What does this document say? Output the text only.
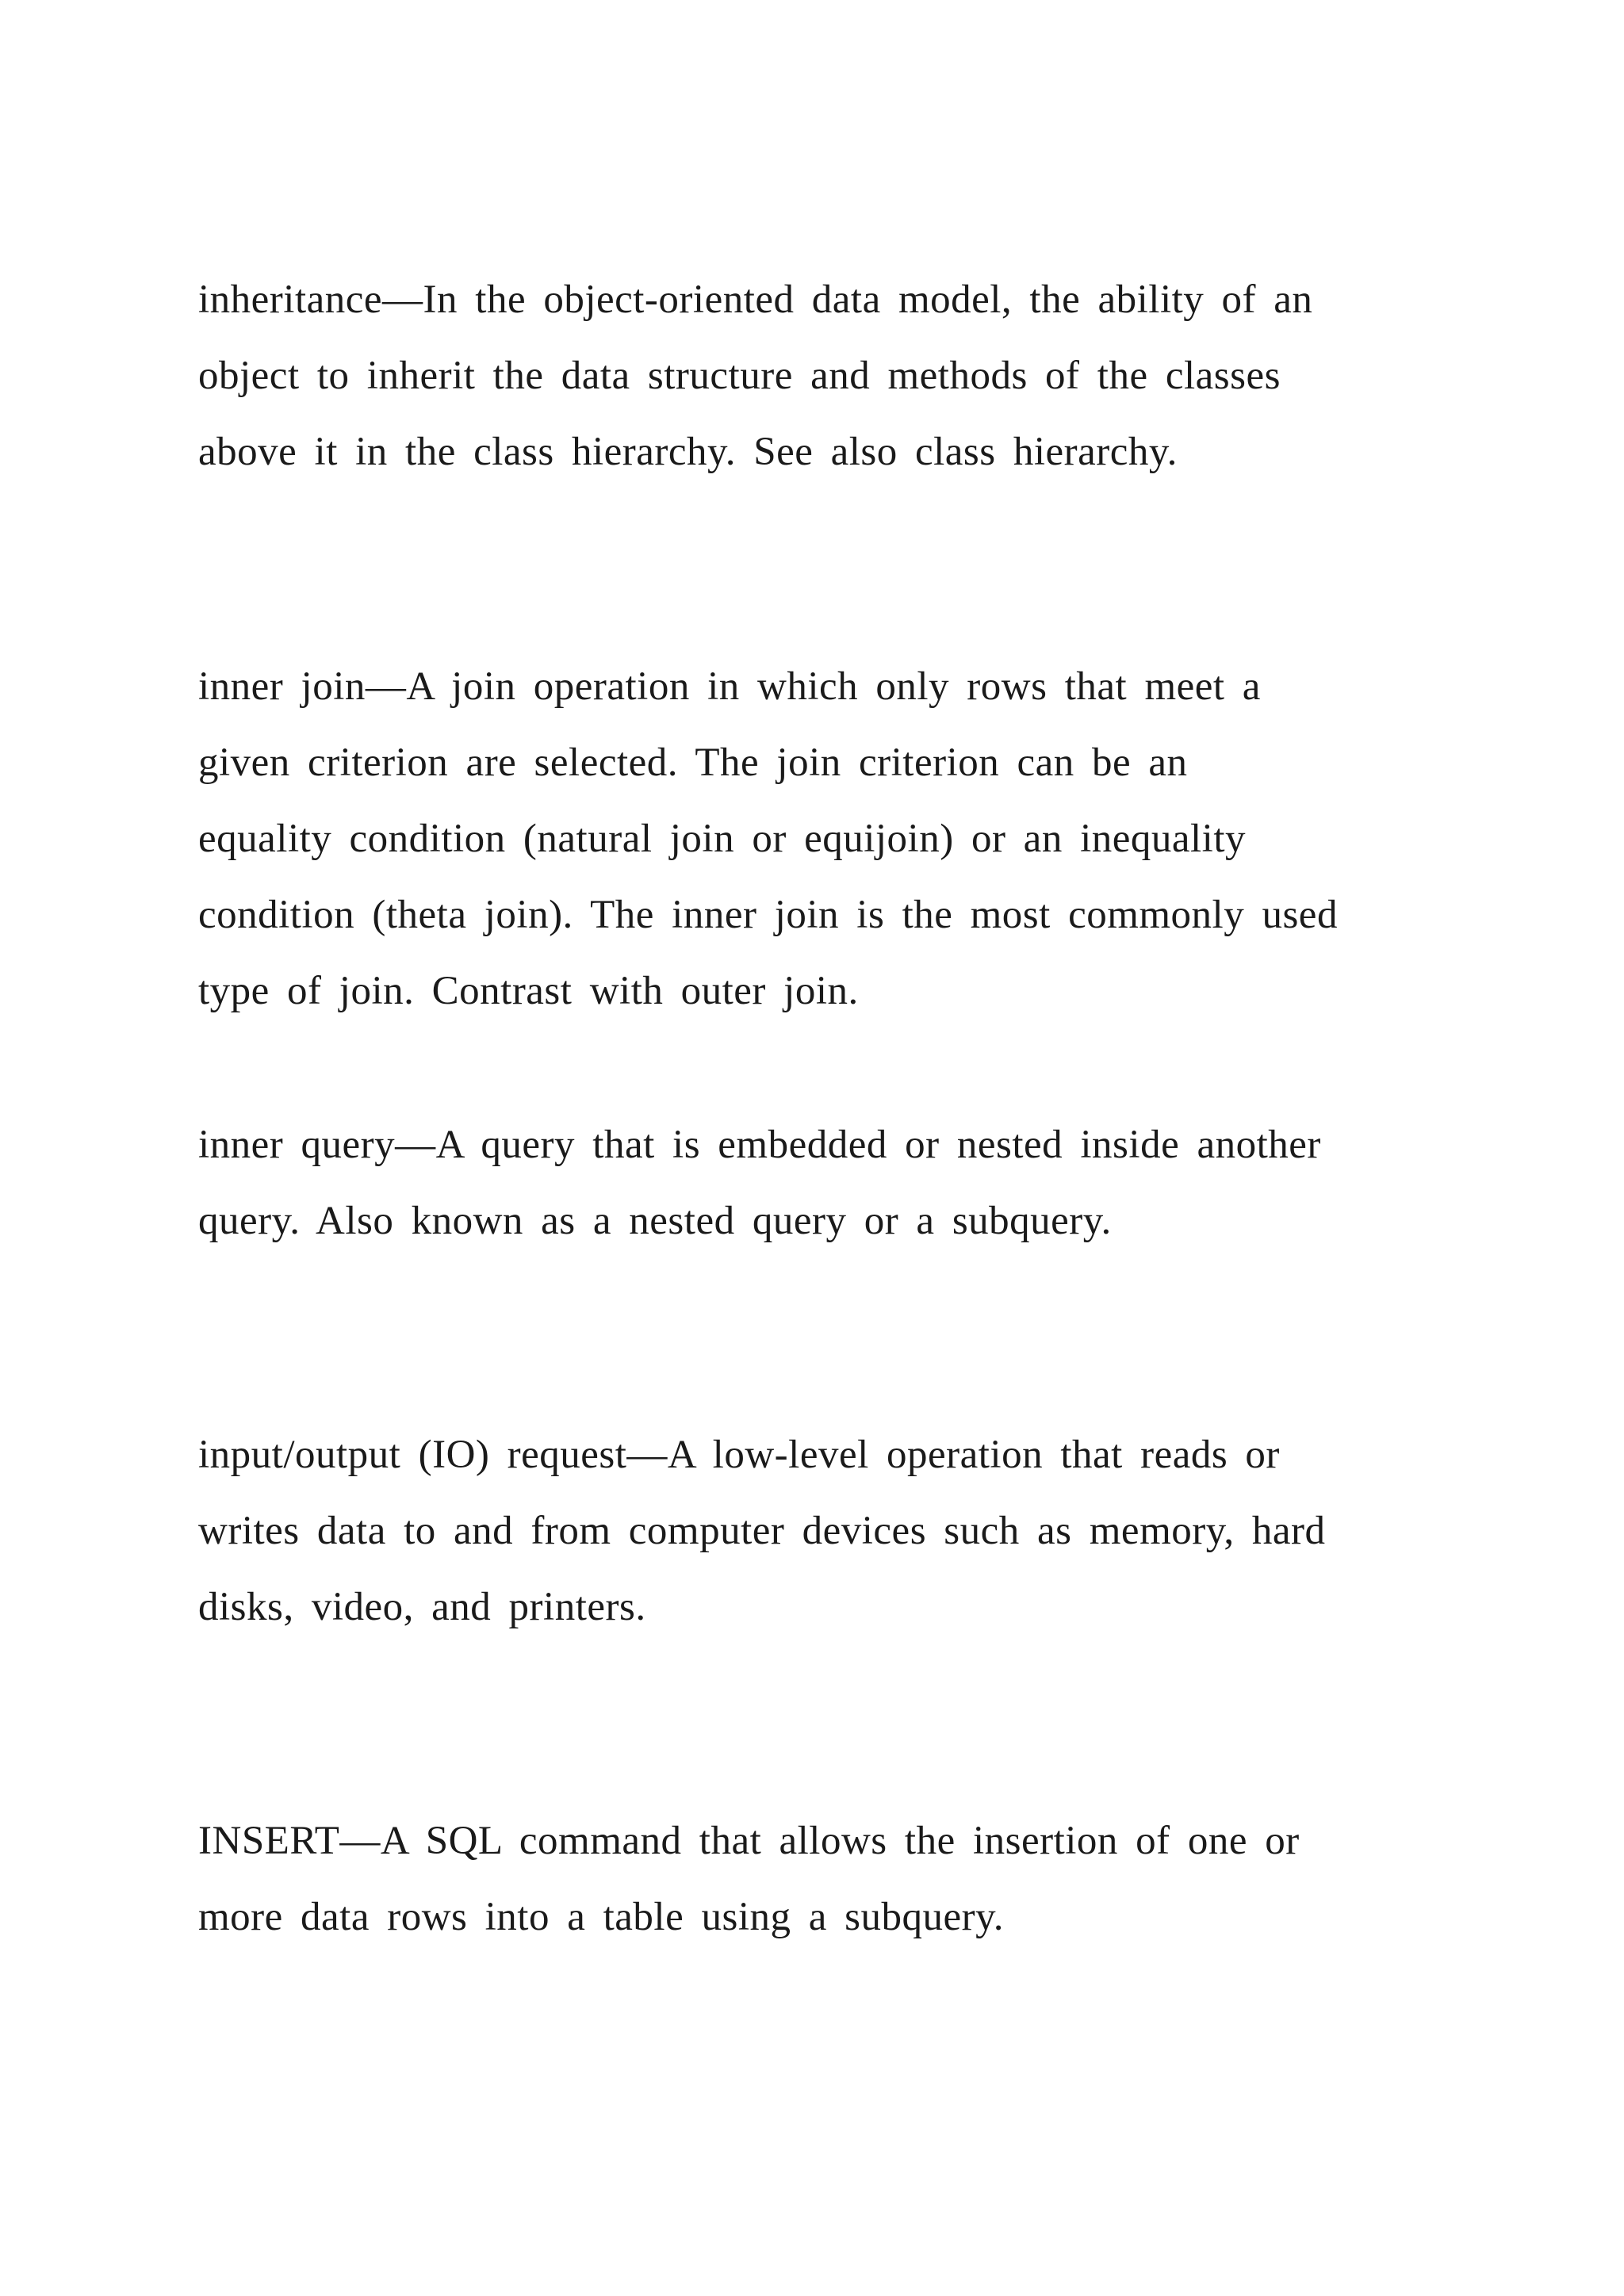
inheritance—In the object-oriented data model, the ability of an
object to inherit the data structure and methods of the classes
above it in the class hierarchy. See also class hierarchy.

inner join—A join operation in which only rows that meet a
given criterion are selected. The join criterion can be an
equality condition (natural join or equijoin) or an inequality
condition (theta join). The inner join is the most commonly used
type of join. Contrast with outer join.

inner query—A query that is embedded or nested inside another
query. Also known as a nested query or a subquery.

input/output (IO) request—A low-level operation that reads or
writes data to and from computer devices such as memory, hard
disks, video, and printers.

INSERT—A SQL command that allows the insertion of one or
more data rows into a table using a subquery.
